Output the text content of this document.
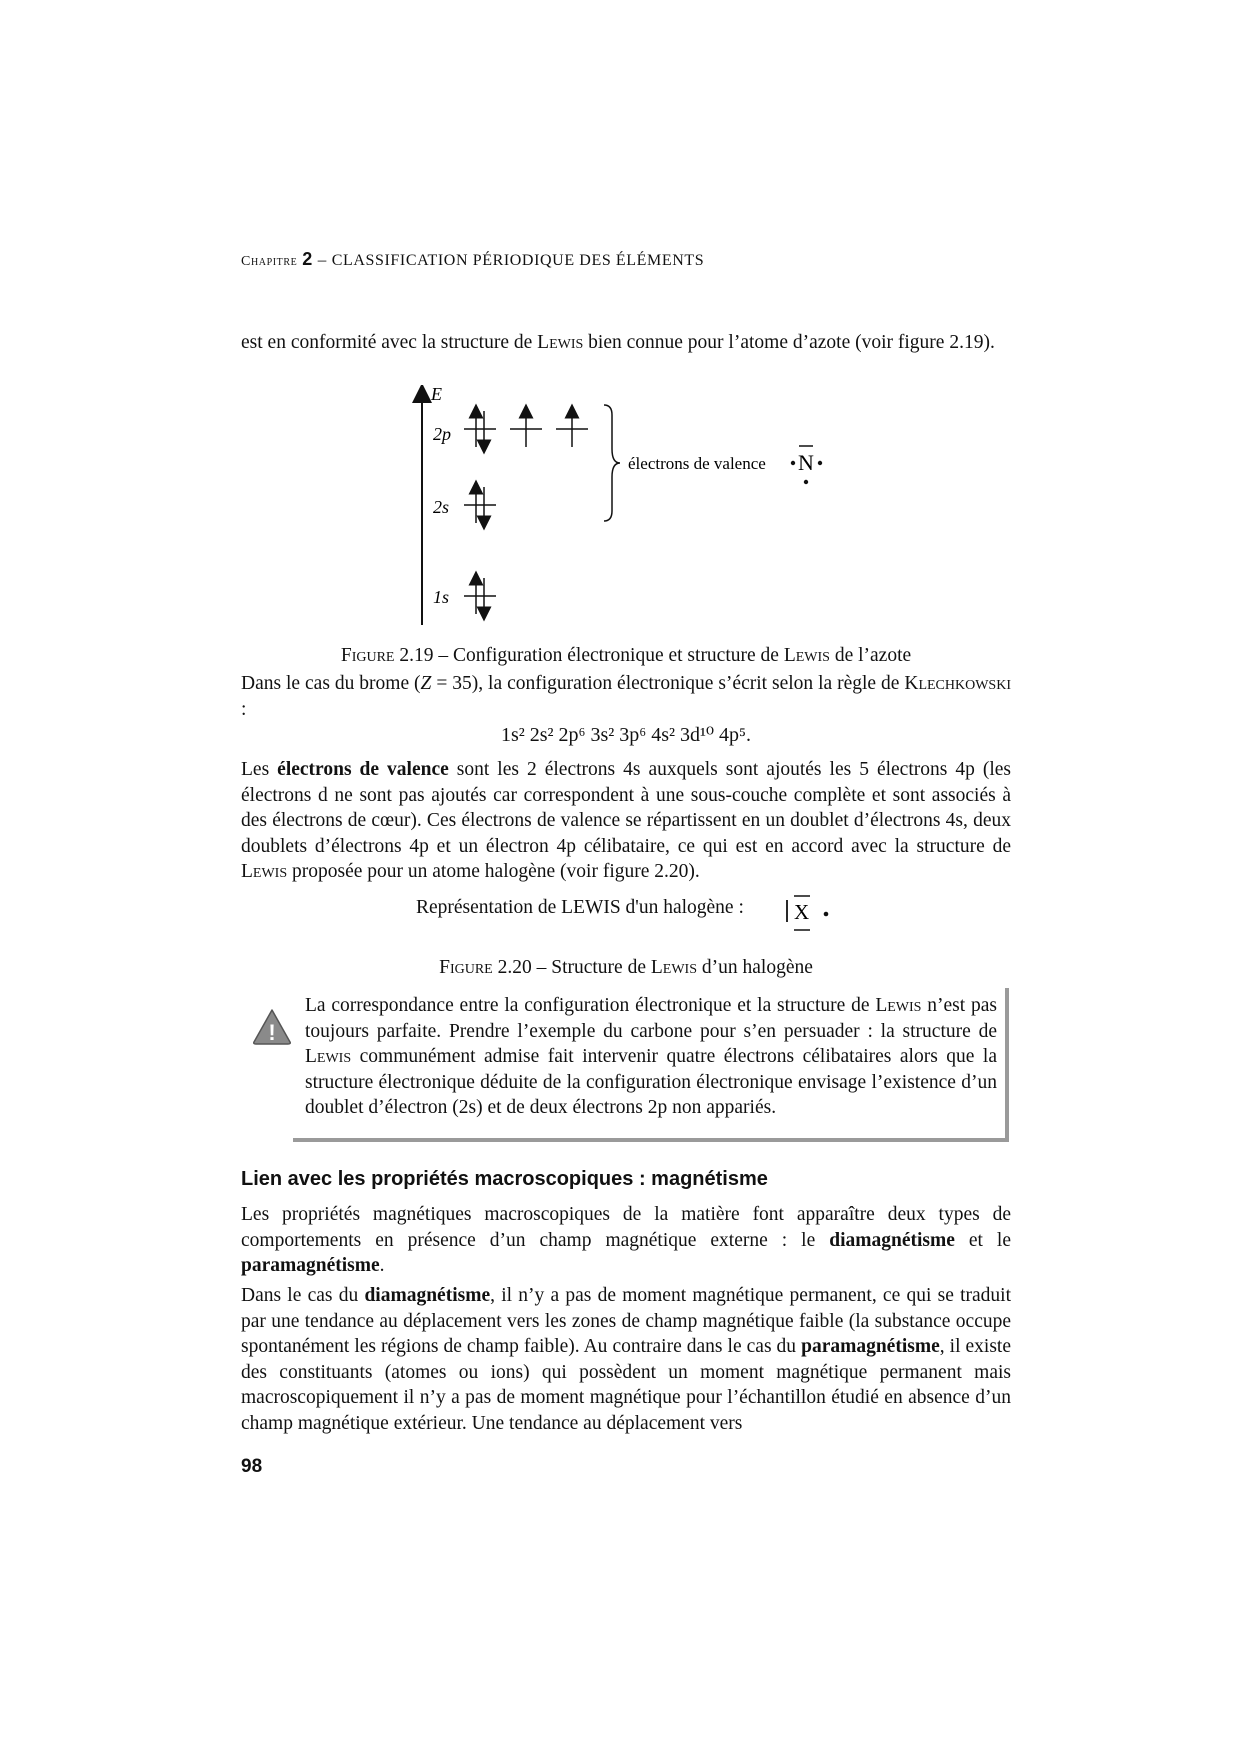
Chapitre 2 – CLASSIFICATION PÉRIODIQUE DES ÉLÉMENTS
est en conformité avec la structure de Lewis bien connue pour l’atome d’azote (voir figure 2.19).
E
2p
2s
1s
électrons de valence N
Figure 2.19 – Configuration électronique et structure de Lewis de l’azote
Dans le cas du brome (Z = 35), la configuration électronique s’écrit selon la règle de Klechkowski :
1s² 2s² 2p⁶ 3s² 3p⁶ 4s² 3d¹⁰ 4p⁵.
Les électrons de valence sont les 2 électrons 4s auxquels sont ajoutés les 5 électrons 4p (les électrons d ne sont pas ajoutés car correspondent à une sous-couche complète et sont associés à des électrons de cœur). Ces électrons de valence se répartissent en un doublet d’électrons 4s, deux doublets d’électrons 4p et un électron 4p célibataire, ce qui est en accord avec la structure de Lewis proposée pour un atome halogène (voir figure 2.20).
Représentation de LEWIS d'un halogène : X
Figure 2.20 – Structure de Lewis d’un halogène
!
La correspondance entre la configuration électronique et la structure de Lewis n’est pas toujours parfaite. Prendre l’exemple du carbone pour s’en persuader : la structure de Lewis communément admise fait intervenir quatre électrons célibataires alors que la structure électronique déduite de la configuration électronique envisage l’existence d’un doublet d’électron (2s) et de deux électrons 2p non appariés.
Lien avec les propriétés macroscopiques : magnétisme
Les propriétés magnétiques macroscopiques de la matière font apparaître deux types de comportements en présence d’un champ magnétique externe : le diamagnétisme et le paramagnétisme.
Dans le cas du diamagnétisme, il n’y a pas de moment magnétique permanent, ce qui se traduit par une tendance au déplacement vers les zones de champ magnétique faible (la substance occupe spontanément les régions de champ faible). Au contraire dans le cas du paramagnétisme, il existe des constituants (atomes ou ions) qui possèdent un moment magnétique permanent mais macroscopiquement il n’y a pas de moment magnétique pour l’échantillon étudié en absence d’un champ magnétique extérieur. Une tendance au déplacement vers
98
